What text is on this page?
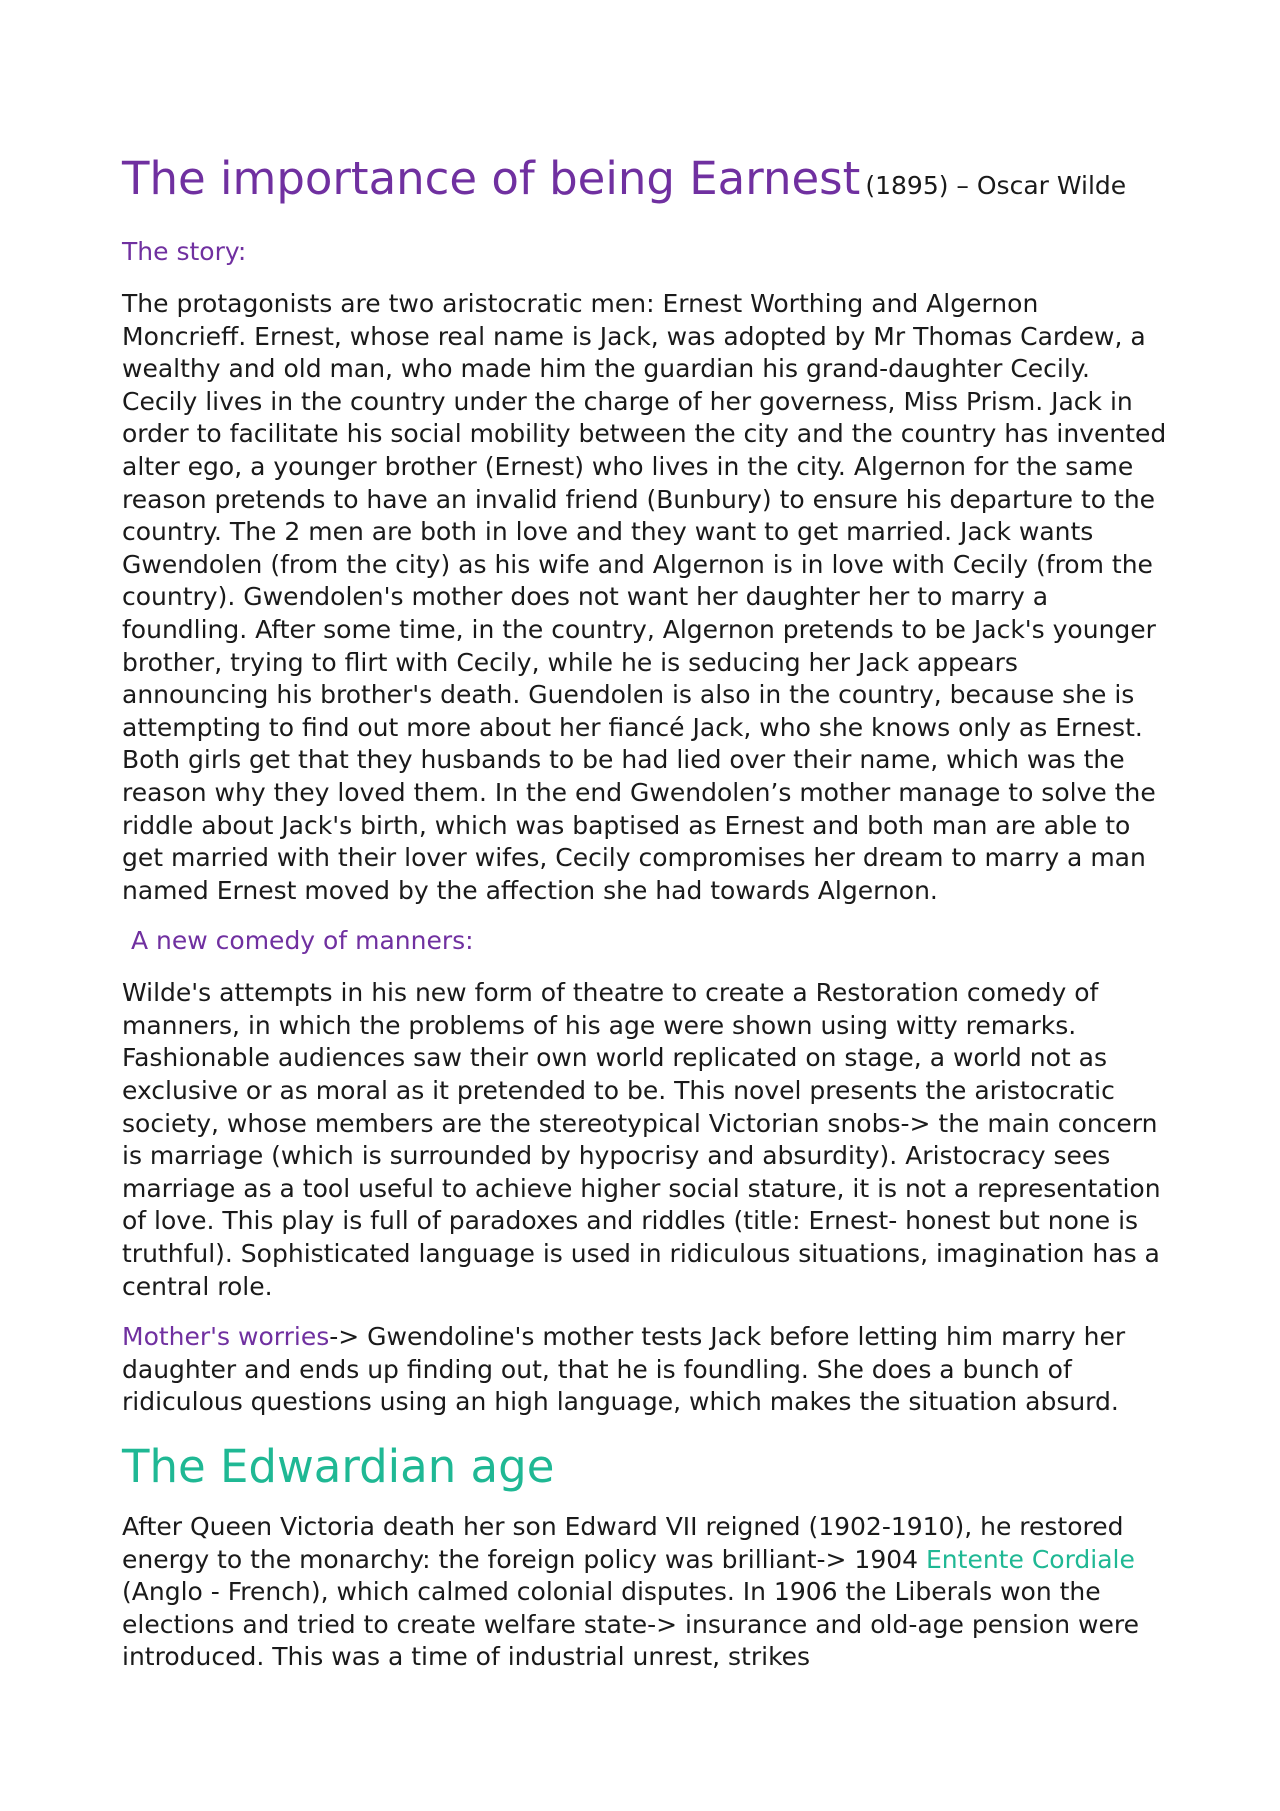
The importance of being Earnest (1895) – Oscar Wilde
The story:

The protagonists are two aristocratic men: Ernest Worthing and Algernon Moncrieff. Ernest, whose real name is Jack, was adopted by Mr Thomas Cardew, a wealthy and old man, who made him the guardian his grand-daughter Cecily. Cecily lives in the country under the charge of her governess, Miss Prism. Jack in order to facilitate his social mobility between the city and the country has invented alter ego, a younger brother (Ernest) who lives in the city. Algernon for the same reason pretends to have an invalid friend (Bunbury) to ensure his departure to the country. The 2 men are both in love and they want to get married. Jack wants Gwendolen (from the city) as his wife and Algernon is in love with Cecily (from the country). Gwendolen's mother does not want her daughter her to marry a foundling. After some time, in the country, Algernon pretends to be Jack's younger brother, trying to flirt with Cecily, while he is seducing her Jack appears announcing his brother's death. Guendolen is also in the country, because she is attempting to find out more about her fiancé Jack, who she knows only as Ernest. Both girls get that they husbands to be had lied over their name, which was the reason why they loved them. In the end Gwendolen’s mother manage to solve the riddle about Jack's birth, which was baptised as Ernest and both man are able to get married with their lover wifes, Cecily compromises her dream to marry a man named Ernest moved by the affection she had towards Algernon.

A new comedy of manners:

Wilde's attempts in his new form of theatre to create a Restoration comedy of manners, in which the problems of his age were shown using witty remarks. Fashionable audiences saw their own world replicated on stage, a world not as exclusive or as moral as it pretended to be. This novel presents the aristocratic society, whose members are the stereotypical Victorian snobs-> the main concern is marriage (which is surrounded by hypocrisy and absurdity). Aristocracy sees marriage as a tool useful to achieve higher social stature, it is not a representation of love. This play is full of paradoxes and riddles (title: Ernest- honest but none is truthful). Sophisticated language is used in ridiculous situations, imagination has a central role.

Mother's worries-> Gwendoline's mother tests Jack before letting him marry her daughter and ends up finding out, that he is foundling. She does a bunch of ridiculous questions using an high language, which makes the situation absurd.

The Edwardian age

After Queen Victoria death her son Edward VII reigned (1902-1910), he restored energy to the monarchy: the foreign policy was brilliant-> 1904 Entente Cordiale (Anglo - French), which calmed colonial disputes. In 1906 the Liberals won the elections and tried to create welfare state-> insurance and old-age pension were introduced. This was a time of industrial unrest, strikes
